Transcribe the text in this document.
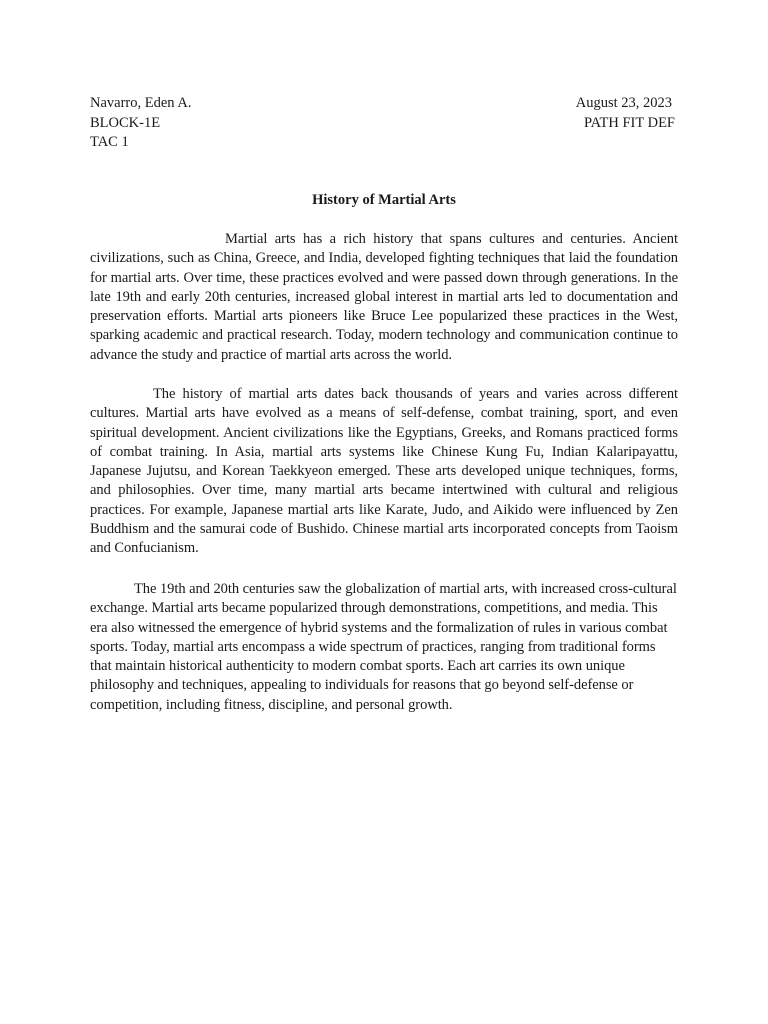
Navarro, Eden A.
BLOCK-1E
TAC 1
August 23, 2023
PATH FIT DEF
History of Martial Arts

Martial arts has a rich history that spans cultures and centuries. Ancient civilizations, such as China, Greece, and India, developed fighting techniques that laid the foundation for martial arts. Over time, these practices evolved and were passed down through generations. In the late 19th and early 20th centuries, increased global interest in martial arts led to documentation and preservation efforts. Martial arts pioneers like Bruce Lee popularized these practices in the West, sparking academic and practical research. Today, modern technology and communication continue to advance the study and practice of martial arts across the world.

The history of martial arts dates back thousands of years and varies across different cultures. Martial arts have evolved as a means of self-defense, combat training, sport, and even spiritual development. Ancient civilizations like the Egyptians, Greeks, and Romans practiced forms of combat training. In Asia, martial arts systems like Chinese Kung Fu, Indian Kalaripayattu, Japanese Jujutsu, and Korean Taekkyeon emerged. These arts developed unique techniques, forms, and philosophies. Over time, many martial arts became intertwined with cultural and religious practices. For example, Japanese martial arts like Karate, Judo, and Aikido were influenced by Zen Buddhism and the samurai code of Bushido. Chinese martial arts incorporated concepts from Taoism and Confucianism.

The 19th and 20th centuries saw the globalization of martial arts, with increased cross-cultural exchange. Martial arts became popularized through demonstrations, competitions, and media. This era also witnessed the emergence of hybrid systems and the formalization of rules in various combat sports. Today, martial arts encompass a wide spectrum of practices, ranging from traditional forms that maintain historical authenticity to modern combat sports. Each art carries its own unique philosophy and techniques, appealing to individuals for reasons that go beyond self-defense or competition, including fitness, discipline, and personal growth.
